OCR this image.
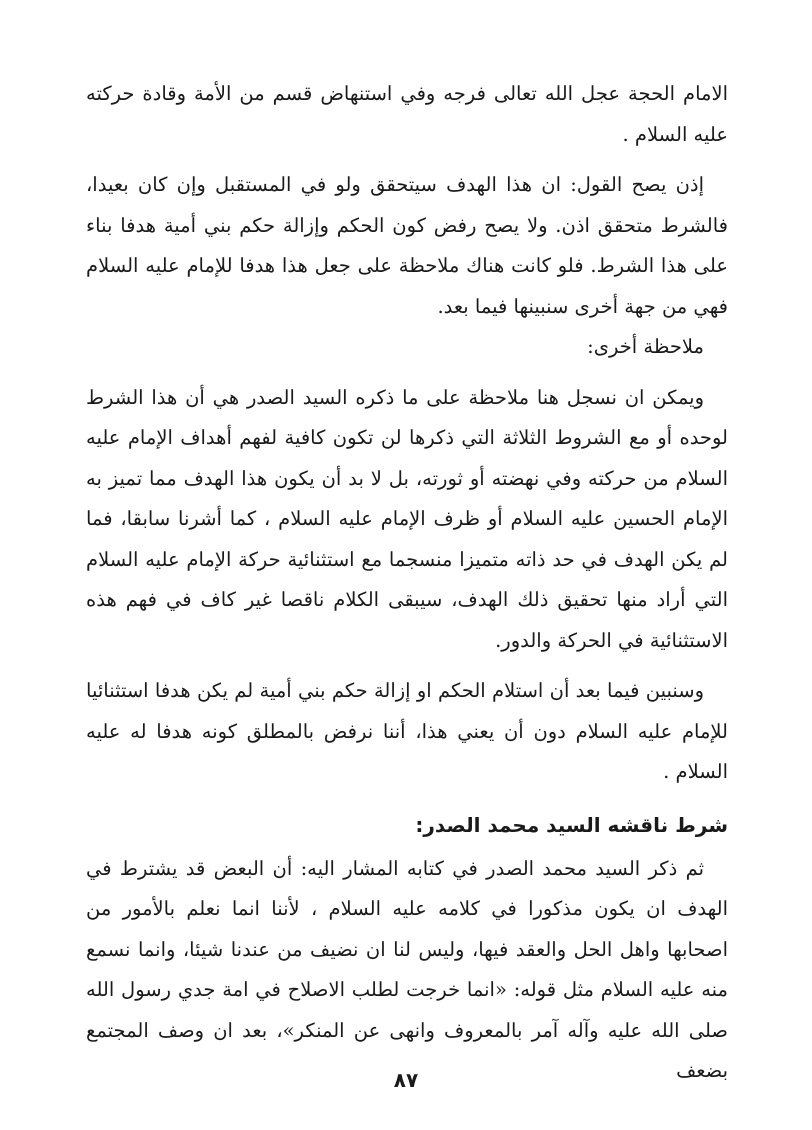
الامام الحجة عجل الله تعالى فرجه وفي استنهاض قسم من الأمة وقادة حركته عليه السلام .

إذن يصح القول: ان هذا الهدف سيتحقق ولو في المستقبل وإن كان بعيدا، فالشرط متحقق اذن. ولا يصح رفض كون الحكم وإزالة حكم بني أمية هدفا بناء على هذا الشرط. فلو كانت هناك ملاحظة على جعل هذا هدفا للإمام عليه السلام فهي من جهة أخرى سنبينها فيما بعد.

ملاحظة أخرى:

ويمكن ان نسجل هنا ملاحظة على ما ذكره السيد الصدر هي أن هذا الشرط لوحده أو مع الشروط الثلاثة التي ذكرها لن تكون كافية لفهم أهداف الإمام عليه السلام من حركته وفي نهضته أو ثورته، بل لا بد أن يكون هذا الهدف مما تميز به الإمام الحسين عليه السلام أو ظرف الإمام عليه السلام ، كما أشرنا سابقا، فما لم يكن الهدف في حد ذاته متميزا منسجما مع استثنائية حركة الإمام عليه السلام التي أراد منها تحقيق ذلك الهدف، سيبقى الكلام ناقصا غير كاف في فهم هذه الاستثنائية في الحركة والدور.

وسنبين فيما بعد أن استلام الحكم او إزالة حكم بني أمية لم يكن هدفا استثنائيا للإمام عليه السلام دون أن يعني هذا، أننا نرفض بالمطلق كونه هدفا له عليه السلام .

شرط ناقشه السيد محمد الصدر:

ثم ذكر السيد محمد الصدر في كتابه المشار اليه: أن البعض قد يشترط في الهدف ان يكون مذكورا في كلامه عليه السلام ، لأننا انما نعلم بالأمور من اصحابها واهل الحل والعقد فيها، وليس لنا ان نضيف من عندنا شيئا، وانما نسمع منه عليه السلام مثل قوله: «انما خرجت لطلب الاصلاح في امة جدي رسول الله صلى الله عليه وآله آمر بالمعروف وانهى عن المنكر»، بعد ان وصف المجتمع بضعف

٨٧
